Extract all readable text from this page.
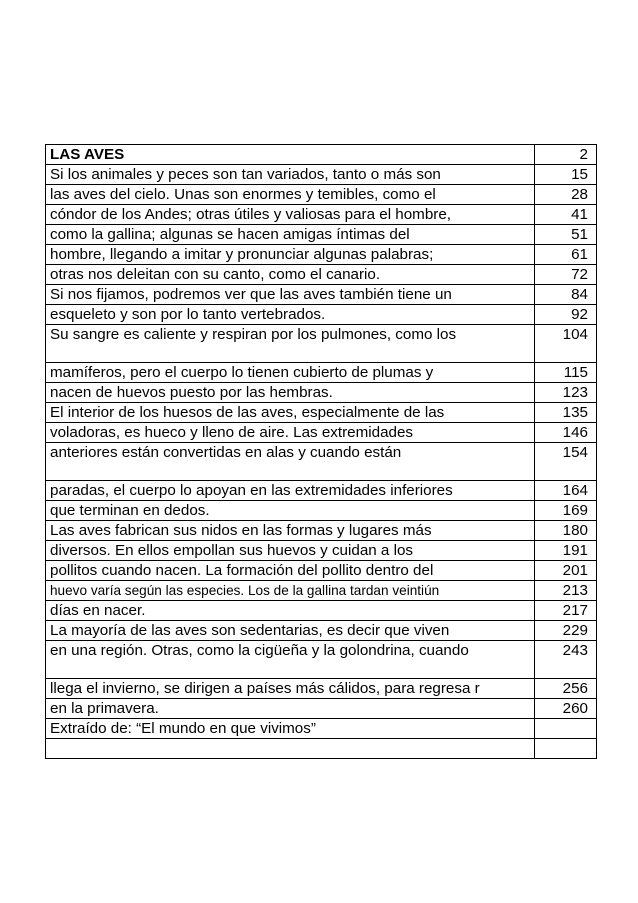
LAS AVES	2
Si los animales y peces son tan variados, tanto o más son	15
las aves del cielo. Unas son enormes y temibles, como el	28
cóndor de los Andes; otras útiles y valiosas para el hombre,	41
como la gallina; algunas se hacen amigas íntimas del	51
hombre, llegando a imitar y pronunciar algunas palabras;	61
otras nos deleitan con su canto, como el canario.	72
Si nos fijamos, podremos ver que las aves también tiene un	84
esqueleto y son por lo tanto vertebrados.	92
Su sangre es caliente y respiran por los pulmones, como los	104
mamíferos, pero el cuerpo lo tienen cubierto de plumas y	115
nacen de huevos puesto por las hembras.	123
El interior de los huesos de las aves, especialmente de las	135
voladoras, es hueco y lleno de aire. Las extremidades	146
anteriores están convertidas en alas y cuando están	154
paradas, el cuerpo lo apoyan en las extremidades inferiores	164
que terminan en dedos.	169
Las aves fabrican sus nidos en las formas y lugares más	180
diversos. En ellos empollan sus huevos y cuidan a los	191
pollitos cuando nacen. La formación del pollito dentro del	201
huevo varía según las especies. Los de la gallina tardan veintiún	213
días en nacer.	217
La mayoría de las aves son sedentarias, es decir que viven	229
en una región. Otras, como la cigüeña y la golondrina, cuando	243
llega el invierno, se dirigen a países más cálidos, para regresa r	256
en la primavera.	260
Extraído de: “El mundo en que vivimos”	
